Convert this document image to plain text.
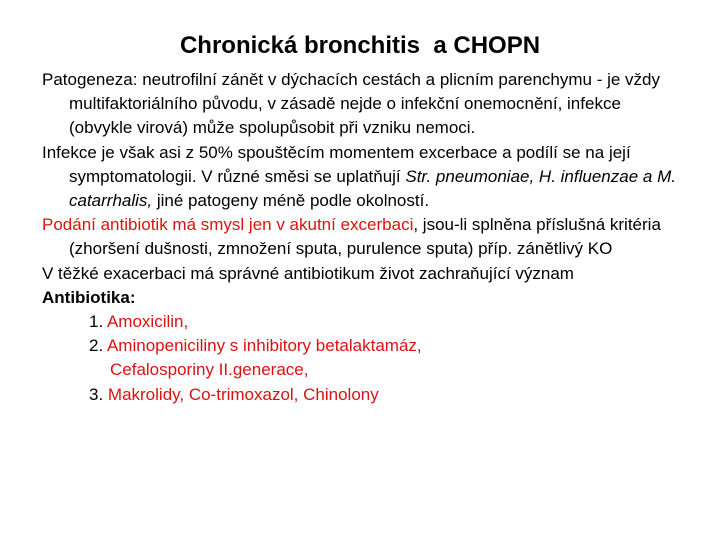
Chronická bronchitis  a CHOPN

Patogeneza: neutrofilní zánět v dýchacích cestách a plicním parenchymu - je vždy multifaktoriálního původu, v zásadě nejde o infekční onemocnění, infekce (obvykle virová) může spolupůsobit při vzniku nemoci.

Infekce je však asi z 50% spouštěcím momentem excerbace a podílí se na její symptomatologii. V různé směsi se uplatňují Str. pneumoniae, H. influenzae a M. catarrhalis, jiné patogeny méně podle okolností.

Podání antibiotik má smysl jen v akutní excerbaci, jsou-li splněna příslušná kritéria (zhoršení dušnosti, zmnožení sputa, purulence sputa) příp. zánětlivý KO

V těžké exacerbaci má správné antibiotikum život zachraňující význam

Antibiotika:

1. Amoxicilin,

2. Aminopeniciliny s inhibitory betalaktamáz,

Cefalosporiny II.generace,

3. Makrolidy, Co-trimoxazol, Chinolony
